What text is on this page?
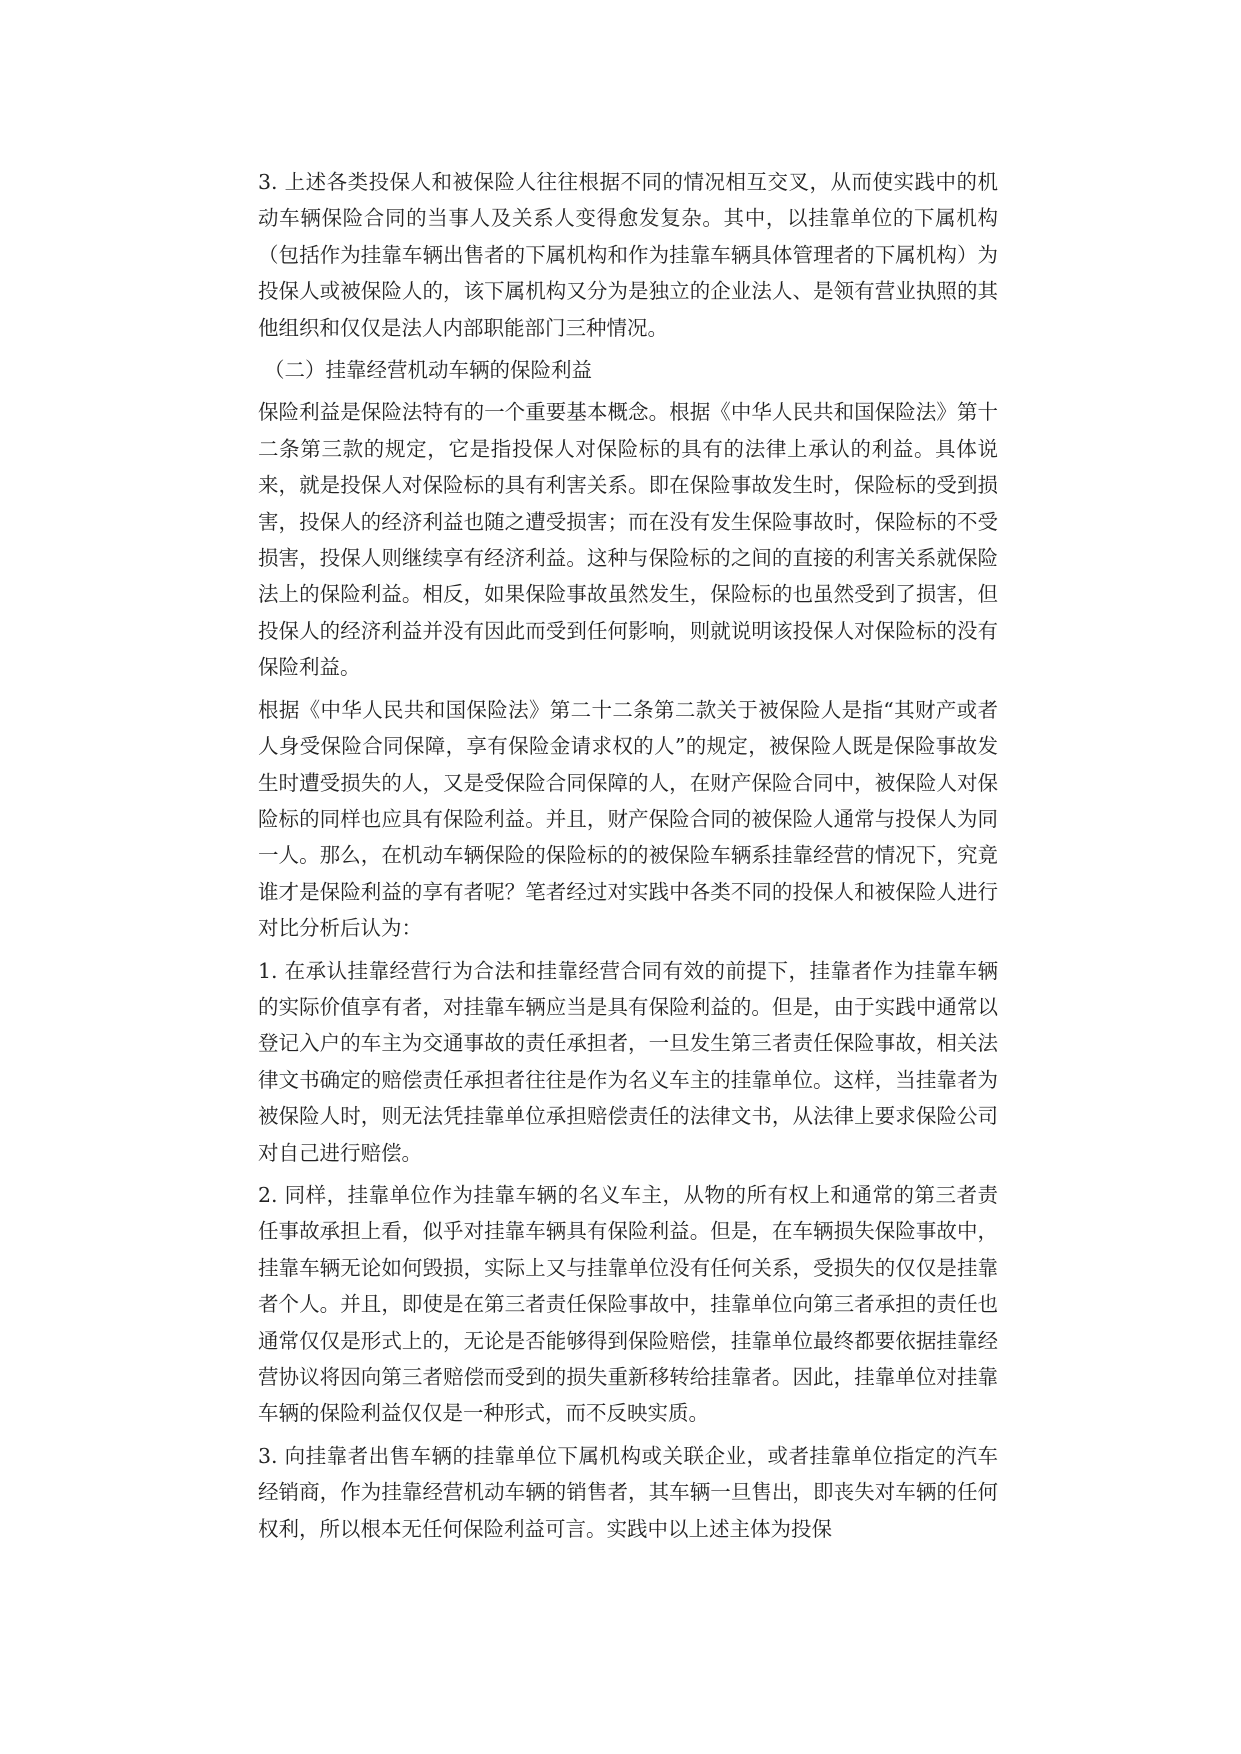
3. 上述各类投保人和被保险人往往根据不同的情况相互交叉，从而使实践中的机动车辆保险合同的当事人及关系人变得愈发复杂。其中，以挂靠单位的下属机构（包括作为挂靠车辆出售者的下属机构和作为挂靠车辆具体管理者的下属机构）为投保人或被保险人的，该下属机构又分为是独立的企业法人、是领有营业执照的其他组织和仅仅是法人内部职能部门三种情况。

（二）挂靠经营机动车辆的保险利益

保险利益是保险法特有的一个重要基本概念。根据《中华人民共和国保险法》第十二条第三款的规定，它是指投保人对保险标的具有的法律上承认的利益。具体说来，就是投保人对保险标的具有利害关系。即在保险事故发生时，保险标的受到损害，投保人的经济利益也随之遭受损害；而在没有发生保险事故时，保险标的不受损害，投保人则继续享有经济利益。这种与保险标的之间的直接的利害关系就保险法上的保险利益。相反，如果保险事故虽然发生，保险标的也虽然受到了损害，但投保人的经济利益并没有因此而受到任何影响，则就说明该投保人对保险标的没有保险利益。

根据《中华人民共和国保险法》第二十二条第二款关于被保险人是指“其财产或者人身受保险合同保障，享有保险金请求权的人”的规定，被保险人既是保险事故发生时遭受损失的人，又是受保险合同保障的人，在财产保险合同中，被保险人对保险标的同样也应具有保险利益。并且，财产保险合同的被保险人通常与投保人为同一人。那么，在机动车辆保险的保险标的的被保险车辆系挂靠经营的情况下，究竟谁才是保险利益的享有者呢？笔者经过对实践中各类不同的投保人和被保险人进行对比分析后认为：

1. 在承认挂靠经营行为合法和挂靠经营合同有效的前提下，挂靠者作为挂靠车辆的实际价值享有者，对挂靠车辆应当是具有保险利益的。但是，由于实践中通常以登记入户的车主为交通事故的责任承担者，一旦发生第三者责任保险事故，相关法律文书确定的赔偿责任承担者往往是作为名义车主的挂靠单位。这样，当挂靠者为被保险人时，则无法凭挂靠单位承担赔偿责任的法律文书，从法律上要求保险公司对自己进行赔偿。

2. 同样，挂靠单位作为挂靠车辆的名义车主，从物的所有权上和通常的第三者责任事故承担上看，似乎对挂靠车辆具有保险利益。但是，在车辆损失保险事故中，挂靠车辆无论如何毁损，实际上又与挂靠单位没有任何关系，受损失的仅仅是挂靠者个人。并且，即使是在第三者责任保险事故中，挂靠单位向第三者承担的责任也通常仅仅是形式上的，无论是否能够得到保险赔偿，挂靠单位最终都要依据挂靠经营协议将因向第三者赔偿而受到的损失重新移转给挂靠者。因此，挂靠单位对挂靠车辆的保险利益仅仅是一种形式，而不反映实质。

3. 向挂靠者出售车辆的挂靠单位下属机构或关联企业，或者挂靠单位指定的汽车经销商，作为挂靠经营机动车辆的销售者，其车辆一旦售出，即丧失对车辆的任何权利，所以根本无任何保险利益可言。实践中以上述主体为投保
